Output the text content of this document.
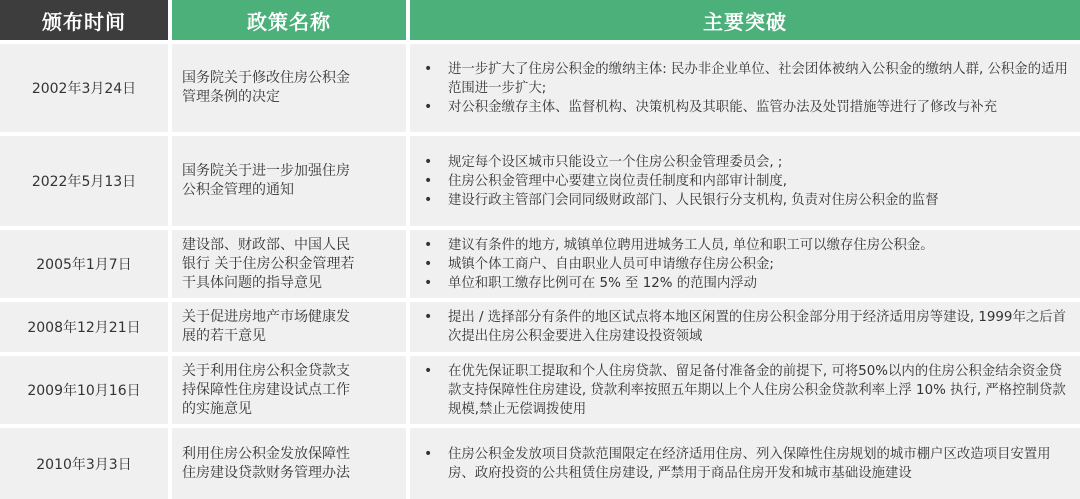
颁布时间	政策名称	主要突破
2002年3月24日
国务院关于修改住房公积金
管理条例的决定
• 进一步扩大了住房公积金的缴纳主体: 民办非企业单位、社会团体被纳入公积金的缴纳人群, 公积金的适用范围进一步扩大;
• 对公积金缴存主体、监督机构、决策机构及其职能、监管办法及处罚措施等进行了修改与补充
2022年5月13日
国务院关于进一步加强住房
公积金管理的通知
• 规定每个设区城市只能设立一个住房公积金管理委员会, ;
• 住房公积金管理中心要建立岗位责任制度和内部审计制度,
• 建设行政主管部门会同同级财政部门、人民银行分支机构, 负责对住房公积金的监督
2005年1月7日
建设部、财政部、中国人民
银行 关于住房公积金管理若
干具体问题的指导意见
• 建议有条件的地方, 城镇单位聘用进城务工人员, 单位和职工可以缴存住房公积金。
• 城镇个体工商户、自由职业人员可申请缴存住房公积金;
• 单位和职工缴存比例可在 5% 至 12% 的范围内浮动
2008年12月21日
关于促进房地产市场健康发
展的若干意见
• 提出 / 选择部分有条件的地区试点将本地区闲置的住房公积金部分用于经济适用房等建设, 1999年之后首次提出住房公积金要进入住房建设投资领域
2009年10月16日
关于利用住房公积金贷款支
持保障性住房建设试点工作
的实施意见
• 在优先保证职工提取和个人住房贷款、留足备付准备金的前提下, 可将50%以内的住房公积金结余资金贷款支持保障性住房建设, 贷款利率按照五年期以上个人住房公积金贷款利率上浮 10% 执行, 严格控制贷款规模,禁止无偿调拨使用
2010年3月3日
利用住房公积金发放保障性
住房建设贷款财务管理办法
• 住房公积金发放项目贷款范围限定在经济适用住房、列入保障性住房规划的城市棚户区改造项目安置用房、政府投资的公共租赁住房建设, 严禁用于商品住房开发和城市基础设施建设
